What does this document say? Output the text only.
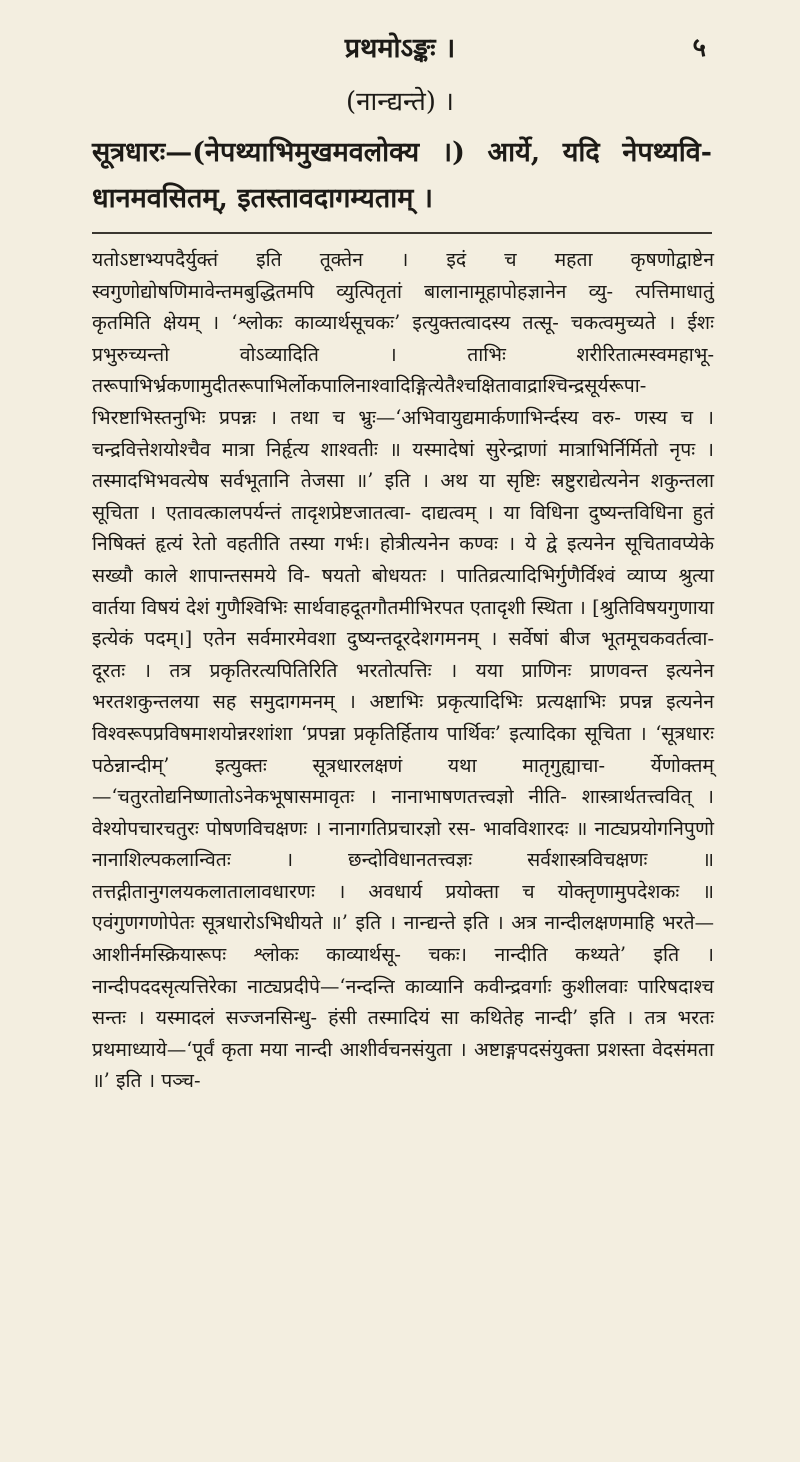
प्रथमोऽङ्कः ।	५
(नान्द्यन्ते) ।
सूत्रधारः—(नेपथ्याभिमुखमवलोक्य ।) आर्ये, यदि नेपथ्यवि- धानमवसितम्, इतस्तावदागम्यताम् ।
यतोऽष्टाभ्यपदैर्युक्तं इति तूक्तेन । इदं च महता कृषणोद्वाष्टेन स्वगुणोद्योषणिमावेन्तमबुद्धितमपि व्युत्पितृतां बालानामूहापोहज्ञानेन व्यु- त्पत्तिमाधातुं कृतमिति क्षेयम् । ‘श्लोकः काव्यार्थसूचकः’ इत्युक्तत्वादस्य तत्सू- चकत्वमुच्यते । ईशः प्रभुरुच्यन्तो वोऽव्यादिति । ताभिः शरीरितात्मस्वमहाभू- तरूपाभिर्भ्रकणामुदीतरूपाभिर्लोकपालिनाश्वादिङ्गित्येतैश्चक्षितावाद्राश्चिन्द्रसूर्यरूपा- भिरष्टाभिस्तनुभिः प्रपन्नः । तथा च भ्रुः—‘अभिवायुद्यमार्कणाभिर्न्दस्य वरु- णस्य च । चन्द्रवित्तेशयोश्चैव मात्रा निर्हृत्य शाश्वतीः ॥ यस्मादेषां सुरेन्द्राणां मात्राभिर्निर्मितो नृपः । तस्मादभिभवत्येष सर्वभूतानि तेजसा ॥’ इति । अथ या सृष्टिः स्रष्टुराद्येत्यनेन शकुन्तला सूचिता । एतावत्कालपर्यन्तं तादृशप्रेष्टजातत्वा- दाद्यत्वम् । या विधिना दुष्यन्तविधिना हुतं निषिक्तं हृत्यं रेतो वहतीति तस्या गर्भः। होत्रीत्यनेन कण्वः । ये द्वे इत्यनेन सूचितावप्येके सख्यौ काले शापान्तसमये वि- षयतो बोधयतः । पातिव्रत्यादिभिर्गुणैर्विश्वं व्याप्य श्रुत्या वार्तया विषयं देशं गुणैश्विभिः सार्थवाहदूतगौतमीभिरपत एतादृशी स्थिता । [श्रुतिविषयगुणाया इत्येकं पदम्।] एतेन सर्वमारमेवशा दुष्यन्तदूरदेशगमनम् । सर्वेषां बीज भूतमूचकवर्तत्वा- दूरतः । तत्र प्रकृतिरत्यपितिरिति भरतोत्पत्तिः । यया प्राणिनः प्राणवन्त इत्यनेन भरतशकुन्तलया सह समुदागमनम् । अष्टाभिः प्रकृत्यादिभिः प्रत्यक्षाभिः प्रपन्न इत्यनेन विश्वरूपप्रविषमाशयोन्नरशांशा ‘प्रपन्ना प्रकृतिर्हिताय पार्थिवः’ इत्यादिका सूचिता । ‘सूत्रधारः पठेन्नान्दीम्’ इत्युक्तः सूत्रधारलक्षणं यथा मातृगुह्याचा- र्येणोक्तम्—‘चतुरतोद्यनिष्णातोऽनेकभूषासमावृतः । नानाभाषणतत्त्वज्ञो नीति- शास्त्रार्थतत्त्ववित् । वेश्योपचारचतुरः पोषणविचक्षणः । नानागतिप्रचारज्ञो रस- भावविशारदः ॥ नाट्यप्रयोगनिपुणो नानाशिल्पकलान्वितः । छन्दोविधानतत्त्वज्ञः सर्वशास्त्रविचक्षणः ॥ तत्तद्गीतानुगलयकलातालावधारणः । अवधार्य प्रयोक्ता च योक्तृणामुपदेशकः ॥ एवंगुणगणोपेतः सूत्रधारोऽभिधीयते ॥’ इति । नान्द्यन्ते इति । अत्र नान्दीलक्षणमाहि भरते—आशीर्नमस्क्रियारूपः श्लोकः काव्यार्थसू- चकः। नान्दीति कथ्यते’ इति । नान्दीपददसृत्यत्तिरेका नाट्यप्रदीपे—‘नन्दन्ति काव्यानि कवीन्द्रवर्गाः कुशीलवाः पारिषदाश्च सन्तः । यस्मादलं सज्जनसिन्धु- हंसी तस्मादियं सा कथितेह नान्दी’ इति । तत्र भरतः प्रथमाध्याये—‘पूर्वं कृता मया नान्दी आशीर्वचनसंयुता । अष्टाङ्गपदसंयुक्ता प्रशस्ता वेदसंमता ॥’ इति । पञ्च-
